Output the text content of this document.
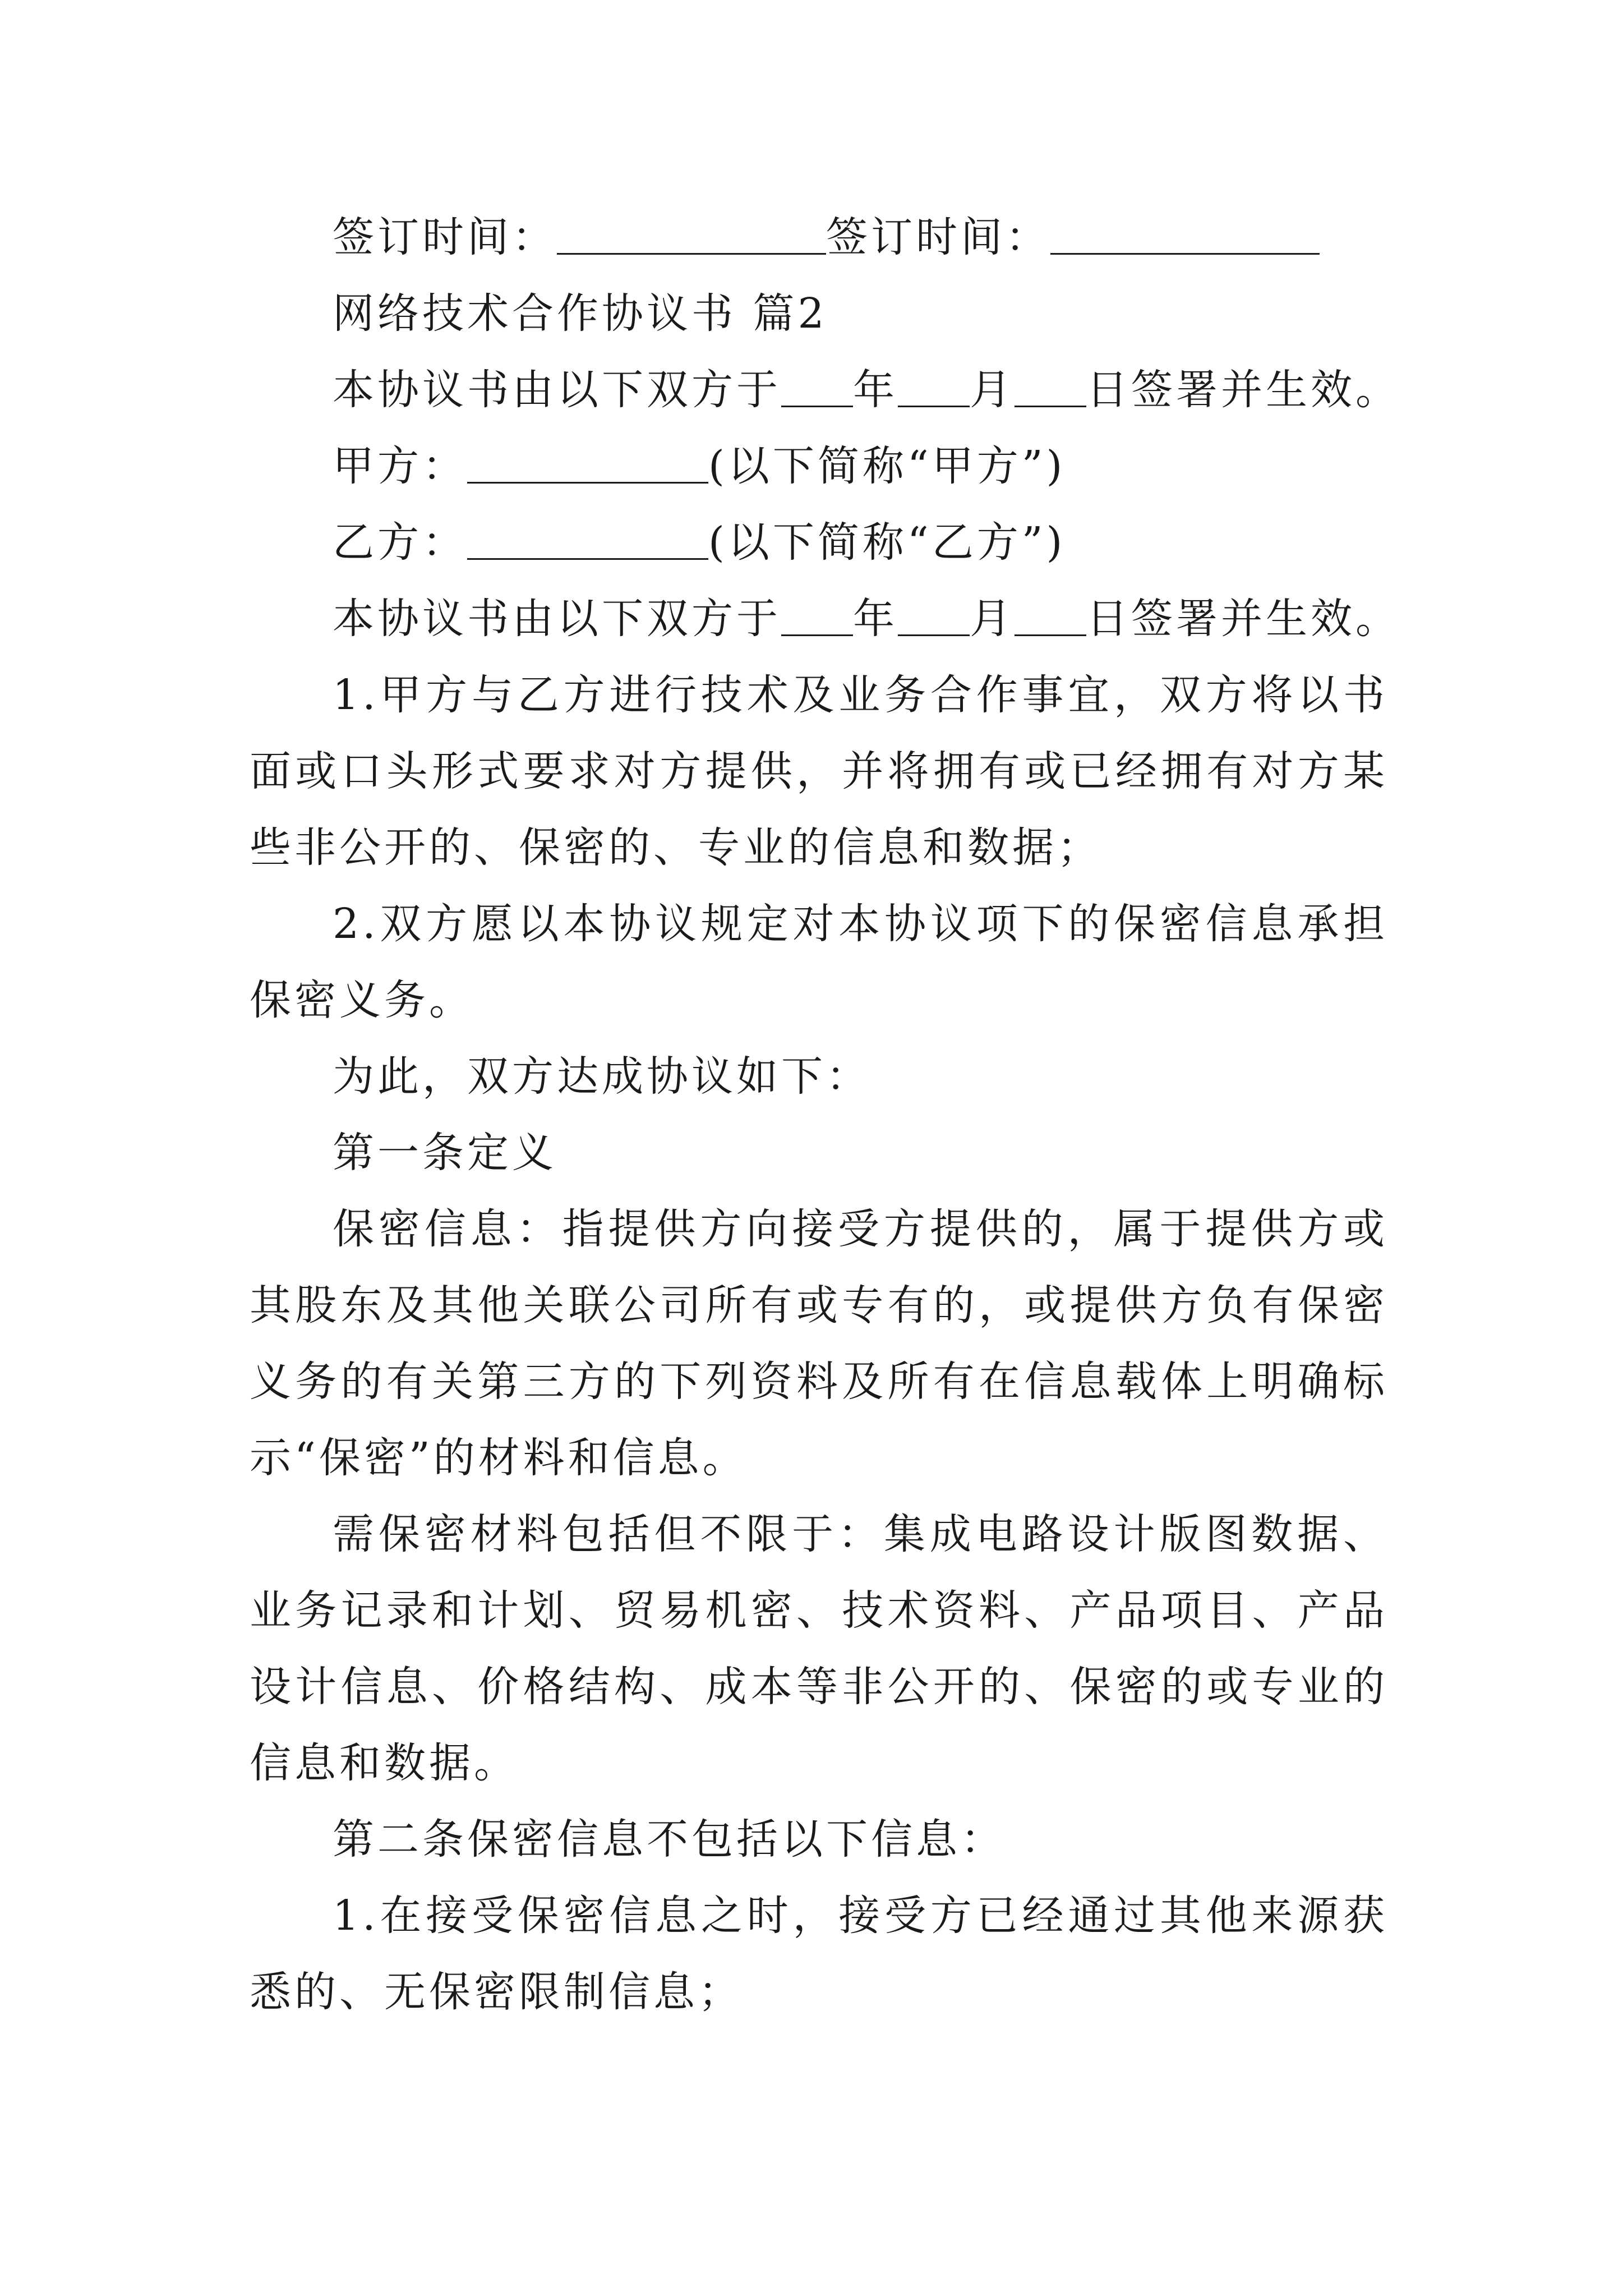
签订时间：	签订时间：

网络技术合作协议书 篇2

本协议书由以下双方于 年 月 日签署并生效。

甲方：	(以下简称“甲方”)

乙方：	(以下简称“乙方”)

本协议书由以下双方于 年 月 日签署并生效。

1.甲方与乙方进行技术及业务合作事宜，双方将以书面或口头形式要求对方提供，并将拥有或已经拥有对方某些非公开的、保密的、专业的信息和数据；

2.双方愿以本协议规定对本协议项下的保密信息承担保密义务。

为此，双方达成协议如下：

第一条定义

保密信息：指提供方向接受方提供的，属于提供方或其股东及其他关联公司所有或专有的，或提供方负有保密义务的有关第三方的下列资料及所有在信息载体上明确标示“保密”的材料和信息。

需保密材料包括但不限于：集成电路设计版图数据、业务记录和计划、贸易机密、技术资料、产品项目、产品设计信息、价格结构、成本等非公开的、保密的或专业的信息和数据。

第二条保密信息不包括以下信息：

1.在接受保密信息之时，接受方已经通过其他来源获悉的、无保密限制信息；
